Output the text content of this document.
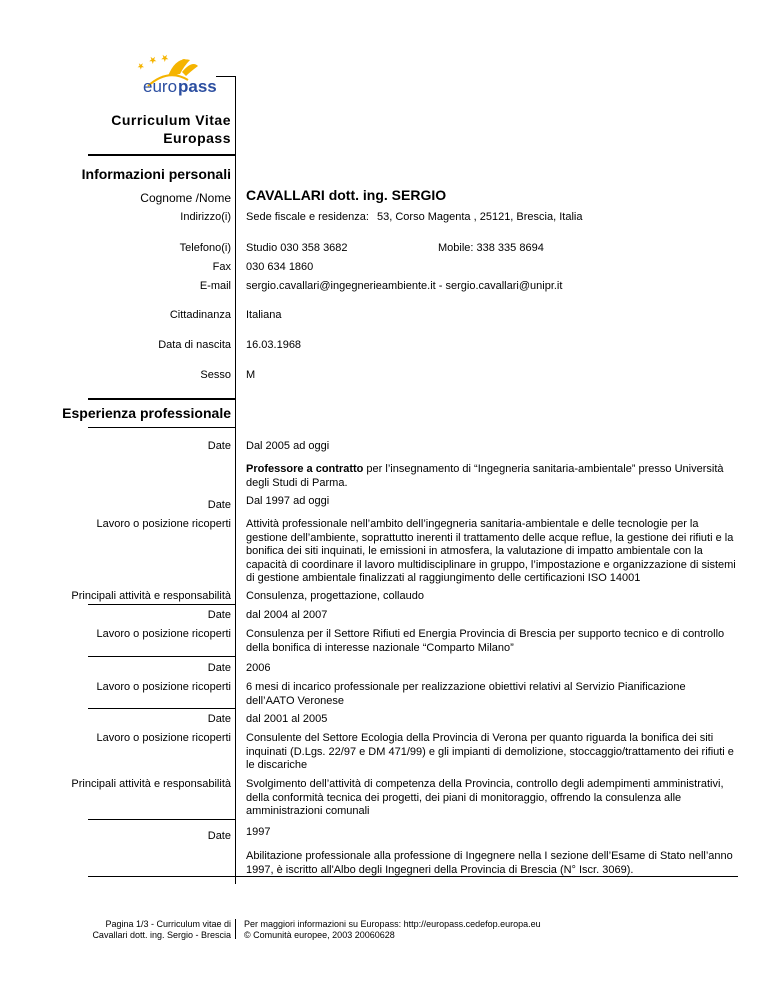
euro pass
Curriculum Vitae
Europass
Informazioni personali
Cognome /Nome CAVALLARI dott. ing. SERGIO
Indirizzo(i) Sede fiscale e residenza: 53, Corso Magenta , 25121, Brescia, Italia
Telefono(i) Studio 030 358 3682	Mobile: 338 335 8694
Fax 030 634 1860
E-mail sergio.cavallari@ingegnerieambiente.it - sergio.cavallari@unipr.it
Cittadinanza Italiana
Data di nascita 16.03.1968
Sesso M
Esperienza professionale
Date Dal 2005 ad oggi
Professore a contratto per l’insegnamento di “Ingegneria sanitaria-ambientale” presso Università degli Studi di Parma.
Date Dal 1997 ad oggi
Lavoro o posizione ricoperti Attività professionale nell’ambito dell’ingegneria sanitaria-ambientale e delle tecnologie per la gestione dell’ambiente, soprattutto inerenti il trattamento delle acque reflue, la gestione dei rifiuti e la bonifica dei siti inquinati, le emissioni in atmosfera, la valutazione di impatto ambientale con la capacità di coordinare il lavoro multidisciplinare in gruppo, l’impostazione e organizzazione di sistemi di gestione ambientale finalizzati al raggiungimento delle certificazioni ISO 14001
Principali attività e responsabilità Consulenza, progettazione, collaudo
Date dal 2004 al 2007
Lavoro o posizione ricoperti Consulenza per il Settore Rifiuti ed Energia Provincia di Brescia per supporto tecnico e di controllo della bonifica di interesse nazionale “Comparto Milano”
Date 2006
Lavoro o posizione ricoperti 6 mesi di incarico professionale per realizzazione obiettivi relativi al Servizio Pianificazione dell’AATO Veronese
Date dal 2001 al 2005
Lavoro o posizione ricoperti Consulente del Settore Ecologia della Provincia di Verona per quanto riguarda la bonifica dei siti inquinati (D.Lgs. 22/97 e DM 471/99) e gli impianti di demolizione, stoccaggio/trattamento dei rifiuti e le discariche
Principali attività e responsabilità Svolgimento dell’attività di competenza della Provincia, controllo degli adempimenti amministrativi, della conformità tecnica dei progetti, dei piani di monitoraggio, offrendo la consulenza alle amministrazioni comunali
Date 1997
Abilitazione professionale alla professione di Ingegnere nella I sezione dell’Esame di Stato nell’anno 1997, è iscritto all'Albo degli Ingegneri della Provincia di Brescia (N° Iscr. 3069).
Pagina 1/3 - Curriculum vitae di
Cavallari dott. ing. Sergio - Brescia
Per maggiori informazioni su Europass: http://europass.cedefop.europa.eu
© Comunità europee, 2003 20060628
